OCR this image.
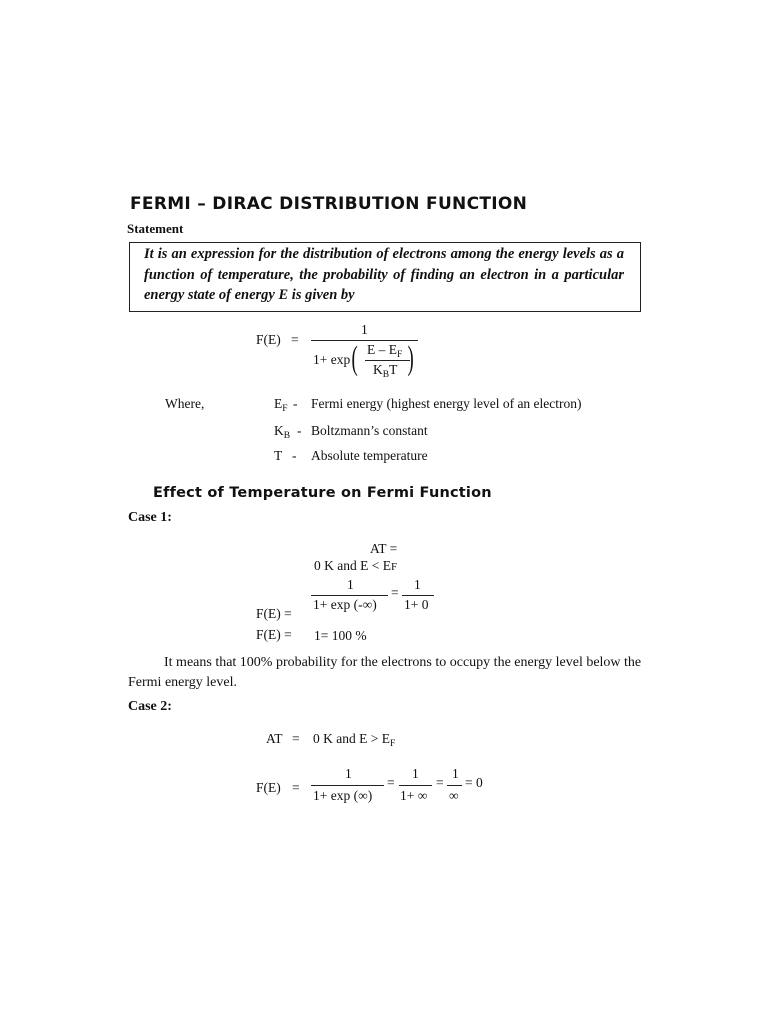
FERMI – DIRAC DISTRIBUTION FUNCTION
Statement
It is an expression for the distribution of electrons among the energy levels as a function of temperature, the probability of finding an electron in a particular energy state of energy E is given by
F(E) =
1
1+ exp ( )
E – $E_F$
$K_BT$
Where,	$E_F$ - Fermi energy (highest energy level of an electron)
$K_B$ - Boltzmann’s constant
T - Absolute temperature
Effect of Temperature on Fermi Function
Case 1:
AT =
0 K and E < EF
1
1+ exp (-∞)
=
1
1+ 0
F(E) =
F(E) = 1= 100 %
It means that 100% probability for the electrons to occupy the energy level below the Fermi energy level.
Case 2:
AT = 0 K and $E > E_F$
F(E) =
1
1+ exp (∞)
=
1
1+ ∞
=
1
∞
= 0
